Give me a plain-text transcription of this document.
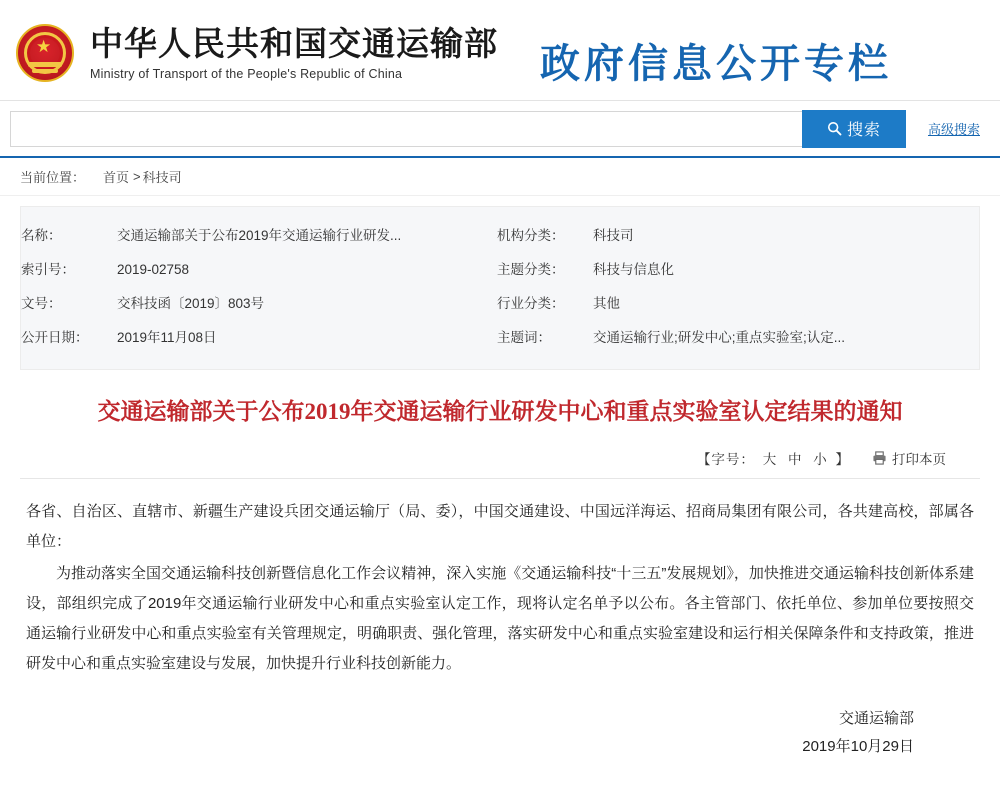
★ 中华人民共和国交通运输部
Ministry of Transport of the People's Republic of China	政府信息公开专栏
搜索	高级搜索
当前位置： 首页 > 科技司
名称：	交通运输部关于公布2019年交通运输行业研发...	机构分类：	科技司
索引号：	2019-02758	主题分类：	科技与信息化
文号：	交科技函〔2019〕803号	行业分类：	其他
公开日期：	2019年11月08日	主题词：	交通运输行业;研发中心;重点实验室;认定...
交通运输部关于公布2019年交通运输行业研发中心和重点实验室认定结果的通知
【字号： 大 中 小 】	打印本页

各省、自治区、直辖市、新疆生产建设兵团交通运输厅（局、委），中国交通建设、中国远洋海运、招商局集团有限公司，各共建高校，部属各单位：

为推动落实全国交通运输科技创新暨信息化工作会议精神，深入实施《交通运输科技“十三五”发展规划》，加快推进交通运输科技创新体系建设，部组织完成了2019年交通运输行业研发中心和重点实验室认定工作，现将认定名单予以公布。各主管部门、依托单位、参加单位要按照交通运输行业研发中心和重点实验室有关管理规定，明确职责、强化管理，落实研发中心和重点实验室建设和运行相关保障条件和支持政策，推进研发中心和重点实验室建设与发展，加快提升行业科技创新能力。

交通运输部
2019年10月29日
